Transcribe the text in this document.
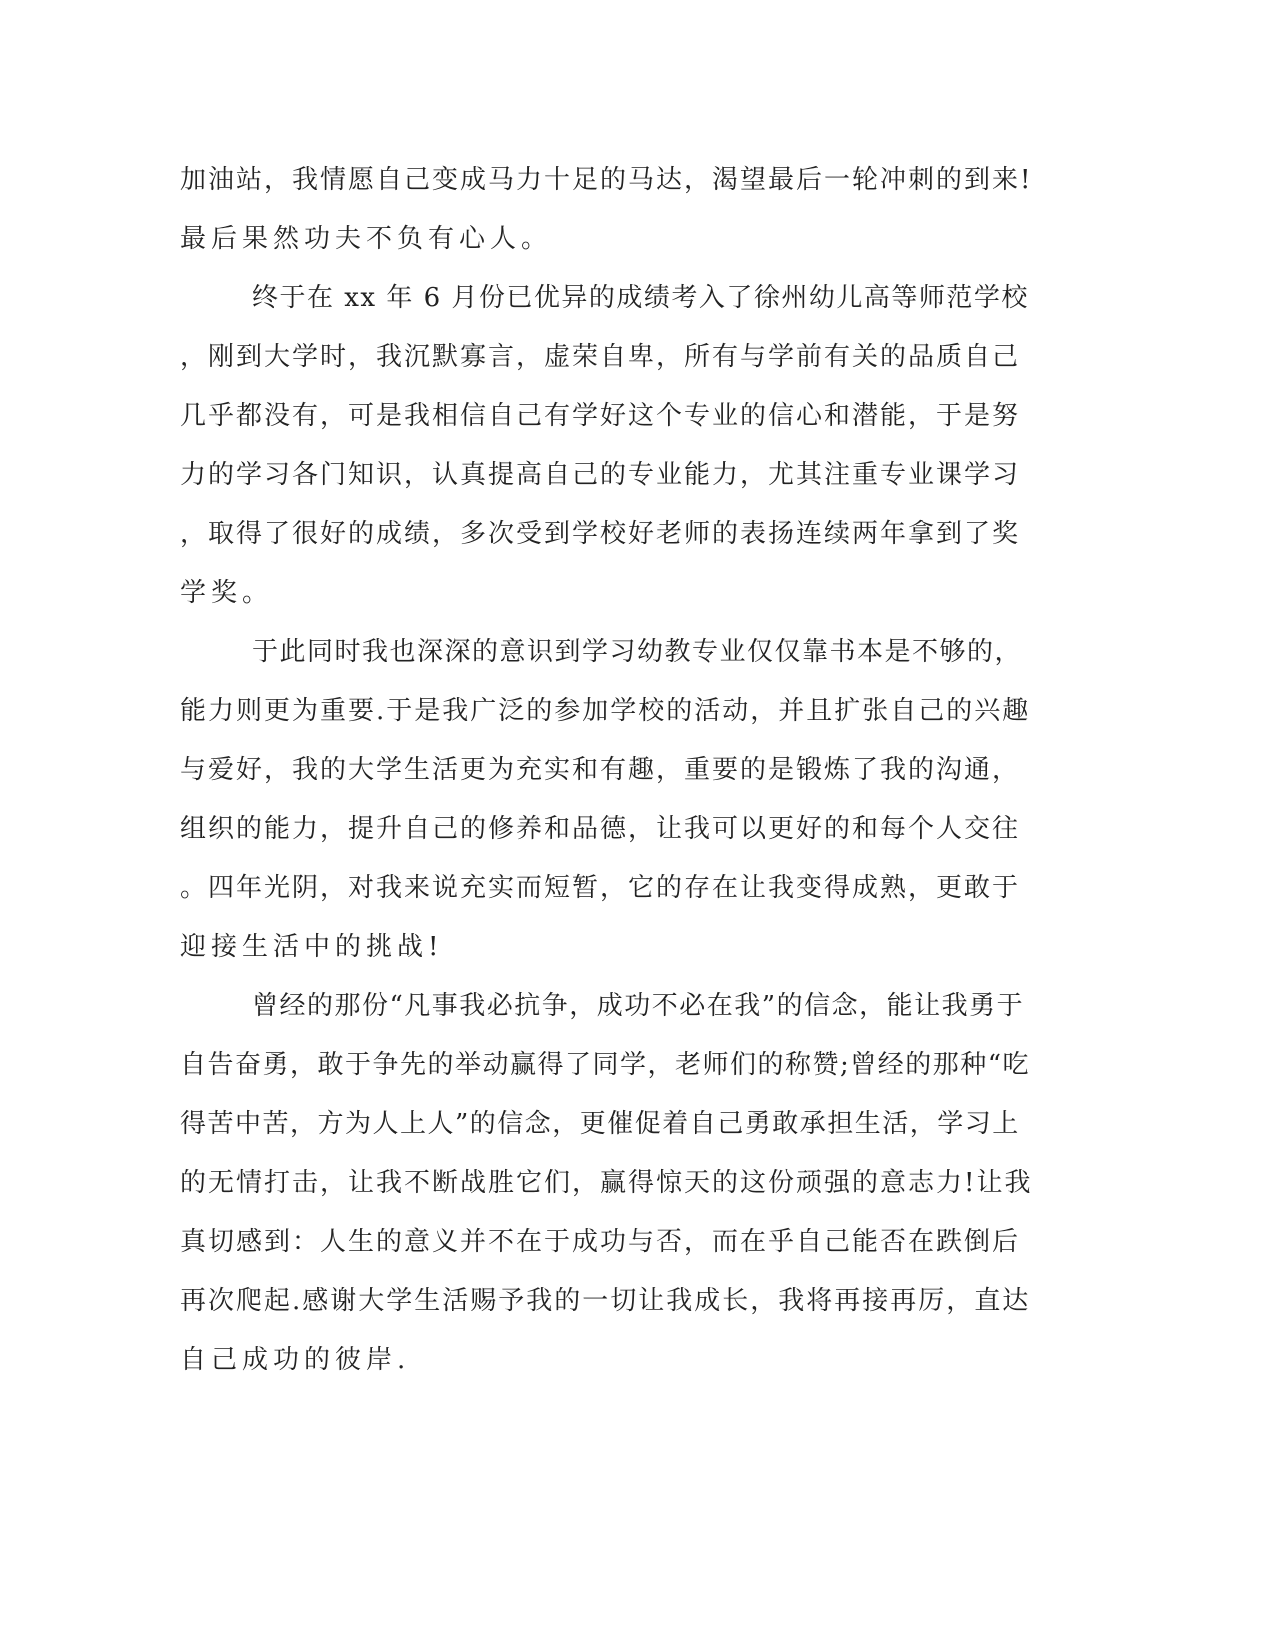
加油站，我情愿自己变成马力十足的马达，渴望最后一轮冲刺的到来!
最后果然功夫不负有心人。
终于在 xx 年 6 月份已优异的成绩考入了徐州幼儿高等师范学校
，刚到大学时，我沉默寡言，虚荣自卑，所有与学前有关的品质自己
几乎都没有，可是我相信自己有学好这个专业的信心和潜能，于是努
力的学习各门知识，认真提高自己的专业能力，尤其注重专业课学习
，取得了很好的成绩，多次受到学校好老师的表扬连续两年拿到了奖
学奖。
于此同时我也深深的意识到学习幼教专业仅仅靠书本是不够的，
能力则更为重要.于是我广泛的参加学校的活动，并且扩张自己的兴趣
与爱好，我的大学生活更为充实和有趣，重要的是锻炼了我的沟通，
组织的能力，提升自己的修养和品德，让我可以更好的和每个人交往
。四年光阴，对我来说充实而短暂，它的存在让我变得成熟，更敢于
迎接生活中的挑战!
曾经的那份“凡事我必抗争，成功不必在我”的信念，能让我勇于
自告奋勇，敢于争先的举动赢得了同学，老师们的称赞;曾经的那种“吃
得苦中苦，方为人上人”的信念，更催促着自己勇敢承担生活，学习上
的无情打击，让我不断战胜它们，赢得惊天的这份顽强的意志力!让我
真切感到：人生的意义并不在于成功与否，而在乎自己能否在跌倒后
再次爬起.感谢大学生活赐予我的一切让我成长，我将再接再厉，直达
自己成功的彼岸.
